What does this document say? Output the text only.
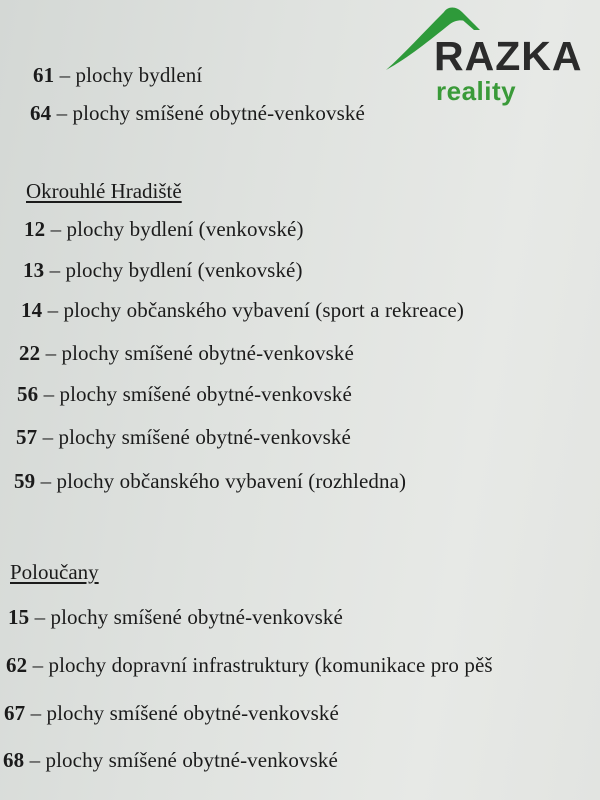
RAZKA
reality
61 – plochy bydlení
64 – plochy smíšené obytné-venkovské
Okrouhlé Hradiště
12 – plochy bydlení (venkovské)
13 – plochy bydlení (venkovské)
14 – plochy občanského vybavení (sport a rekreace)
22 – plochy smíšené obytné-venkovské
56 – plochy smíšené obytné-venkovské
57 – plochy smíšené obytné-venkovské
59 – plochy občanského vybavení (rozhledna)
Poloučany
15 – plochy smíšené obytné-venkovské
62 – plochy dopravní infrastruktury (komunikace pro pěš
67 – plochy smíšené obytné-venkovské
68 – plochy smíšené obytné-venkovské
